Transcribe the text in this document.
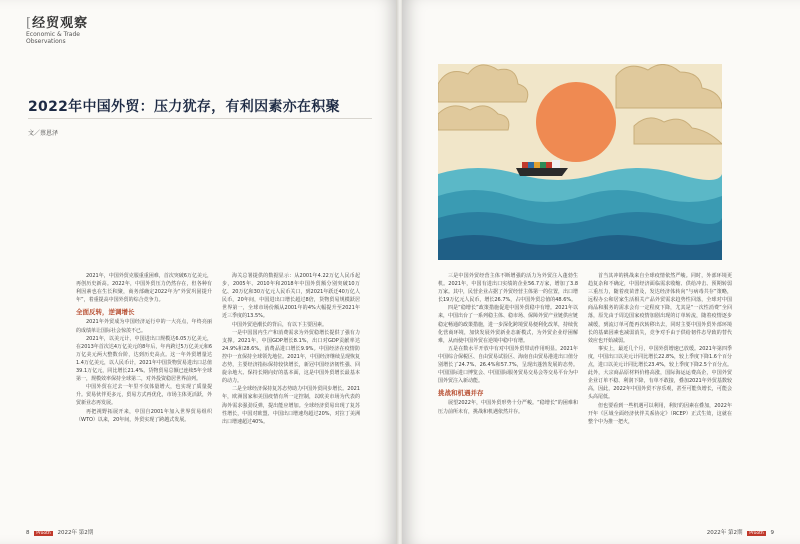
[经贸观察
Economic & Trade
Observations
2022年中国外贸：压力犹存，有利因素亦在积聚
文／蔡恩泽

2021年，中国外贸克服重重困难，首次突破6万亿美元，再创历史新高。2022年，中国外贸压力仍然存在，但各种有利因素也在生长积聚，商务部确定2022年为“外贸巩固提升年”，着重提高中国外贸的综合竞争力。

全面反转，逆调增长

2021年外贸成为中国经济运行中的一大亮点，年终亮丽的成绩单让国际社会惊羡不已。

2021年，以美元计，中国进出口规模达6.05万亿美元，在2013年首次达4万亿美元的8年后，年内跨过5万亿美元和6万亿美元两大整数台阶，达到历史高点。这一年外贸增量达1.4万亿美元，以人民币计，2021年中国货物贸易进出口总值39.1万亿元，同比增长21.4%。货物贸易总额已连续5年全球第一，规模效率保持全球第二，对外投资稳居世界前列。

中国外贸在过去一年里不仅体量增大，也实现了质量提升。贸易伙伴更多元，贸易方式再优化，市场主体更活跃，外贸新业态再发展。

再把视野拓展开来，中国自2001年加入世界贸易组织（WTO）以来，20年间，外贸实现了跨越式发展。

海关总署提供的数据显示：从2001年4.22万亿人民币起步，2005年、2010年和2018年中国外贸额分别突破10万亿、20万亿和30万亿元人民币关口，到2021年跃迁40万亿人民币，20年间，中国进出口增长超过8倍，货物贸易规模跃居世界第一，全球市场份额从2001年的4%大幅提升至2021年近三季度的13.5%。

中国外贸逆潮长的背后，有以下主要因素。

一是中国国内生产和消费需求为外贸稳增长提供了强有力支撑。2021年，中国GDP增长8.1%，出口对GDP贡献率达24.9%和28.6%，消费品进口增长9.9%。中国经济在疫情防控中一直保持全球领先地位。2021年，中国经济继续呈现恢复态势，主要经济指标保持较快增长，新冠中国经济韧性强、回旋余地大、保持长期向好的基本面，这是中国外贸增长最基本的动力。

二是全球经济保持复苏态势助力中国外贸同步增长。2021年，欧洲国家和美国疫情有所一定控制，以欧美市场为代表的海外需求强劲反弹，提出能应增加。全球经济贸易出现了复苏性增长，中国对欧盟、中国出口增速均超过20%，对拉丁美洲出口增速超过40%。

8 Prooth 2022年 第2期

三是中国外贸经营主体不断增强的活力为外贸注入蓬勃生机。2021年，中国有进出口实绩的企业56.7万家，增加了3.8万家。其中，民营企业占据了外贸经营主体第一的位置，出口增长19万亿元人民币，增长26.7%，占中国外贸总值的48.6%。

四是“稳增长”政策措施促进中国外贸稳中有增。2021年以来，中国出台了一系列稳主体、稳市场、保障外贸产业链供应链稳定畅通的政策措施，进一步深化跨境贸易便利化改革，持续优化营商环境，加快发展外贸新业态新模式，为外贸企业纾困解难，从而使中国外贸在逆境中稳中有增。

五是在数水平开放中有对中国外贸带动作用明显。2021年中国综合保税区、自由贸易试验区、海南自由贸易港进出口值分别增长了24.7%、26.4%和57.7%，呈现出蓬勃发展的态势。中国国际进口博览会、中国国际服务贸易交易会等交易平台为中国外贸注入新动能。

挑战和机遇并存

展望2022年，中国外贸形势十分严峻。“稳增长”的困难和压力前所未有，挑战和机遇依然并存。

首当其冲的挑战来自全球疫情依然严峻。同时，外部环境更趋复杂和不确定，中国经济面临需求收缩、供给冲击、预期转弱三重压力，随着疫苗普及，发达经济体转向“与病毒共存”策略，远程办公和居家生活相关产品外贸需求趋势性回落，全球对中国商品和服务的需求会有一定程度下降，尤其是“一次性消费”全回落，原先由于周边国家疫情加剧出现的订单转流，随着疫情逐步减缓，到流订单可能再次转移出去，同时主要中国外贸外部环境长的基础因素也减弱消失，竞争对手由于供给韧件态导致的替代效应也开始减弱。

事实上，最近几个月，中国外贸增速已放缓。2021年第四季度，中国出口以美元计同比增长22.8%，较上季度下降1.6个百分点，进口以美元计同比增长23.4%，较上季度下降2.5个百分点。此外，大宗商品原材料价格高涨，国际海运运费高企，中国外贸企业订单不稳、利润下降，有单不敢接，叠加2021年外贸基数较高，因此，2022年中国外贸不容乐观，甚至可能负增长，可能会头高尾低。

但也要看到一些机遇可以利用，利好的因素在叠加，2022年开年《区域全面经济伙伴关系协定》（RCEP）正式生效，这就在整个中为推一把火，

2022年 第2期 Prooth 9
